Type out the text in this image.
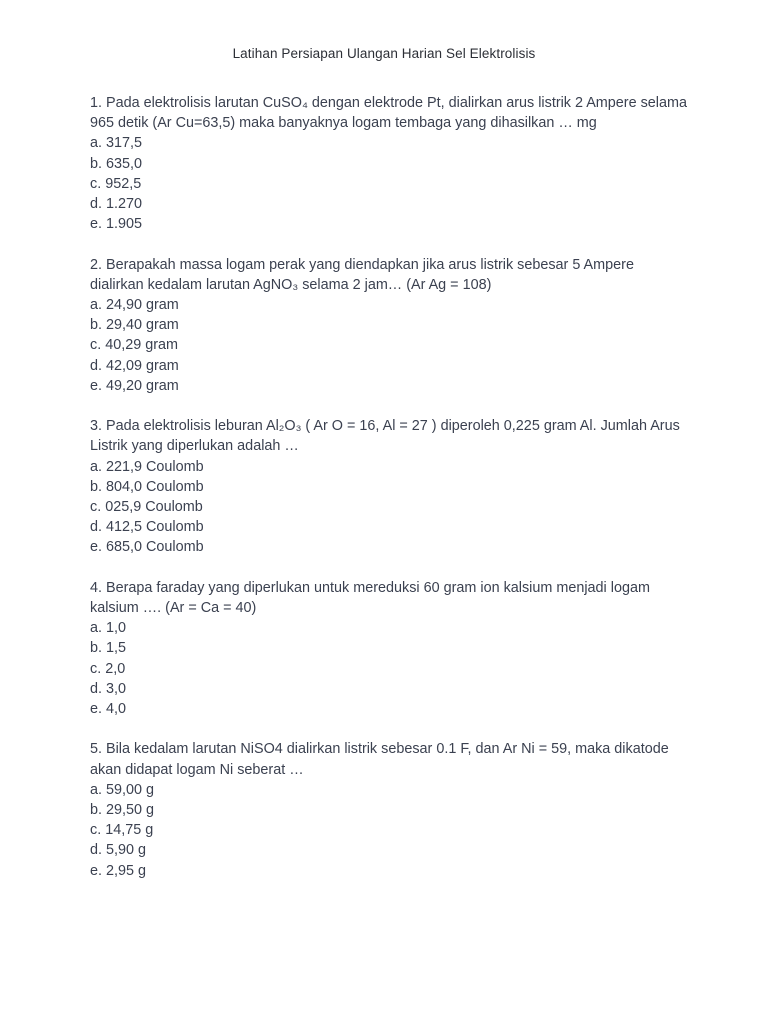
Latihan Persiapan Ulangan Harian Sel Elektrolisis

1. Pada elektrolisis larutan CuSO₄ dengan elektrode Pt, dialirkan arus listrik 2 Ampere selama 965 detik (Ar Cu=63,5) maka banyaknya logam tembaga yang dihasilkan … mg

a. 317,5
b. 635,0
c. 952,5
d. 1.270
e. 1.905

2. Berapakah massa logam perak yang diendapkan jika arus listrik sebesar 5 Ampere dialirkan kedalam larutan AgNO₃ selama 2 jam… (Ar Ag = 108)

a. 24,90 gram
b. 29,40 gram
c. 40,29 gram
d. 42,09 gram
e. 49,20 gram

3. Pada elektrolisis leburan Al₂O₃ ( Ar O = 16, Al = 27 ) diperoleh 0,225 gram Al. Jumlah Arus Listrik yang diperlukan adalah …

a. 221,9 Coulomb
b. 804,0 Coulomb
c. 025,9 Coulomb
d. 412,5 Coulomb
e. 685,0 Coulomb

4. Berapa faraday yang diperlukan untuk mereduksi 60 gram ion kalsium menjadi logam kalsium …. (Ar = Ca = 40)

a. 1,0
b. 1,5
c. 2,0
d. 3,0
e. 4,0

5. Bila kedalam larutan NiSO4 dialirkan listrik sebesar 0.1 F, dan Ar Ni = 59, maka dikatode akan didapat logam Ni seberat …

a. 59,00 g
b. 29,50 g
c. 14,75 g
d. 5,90 g
e. 2,95 g
